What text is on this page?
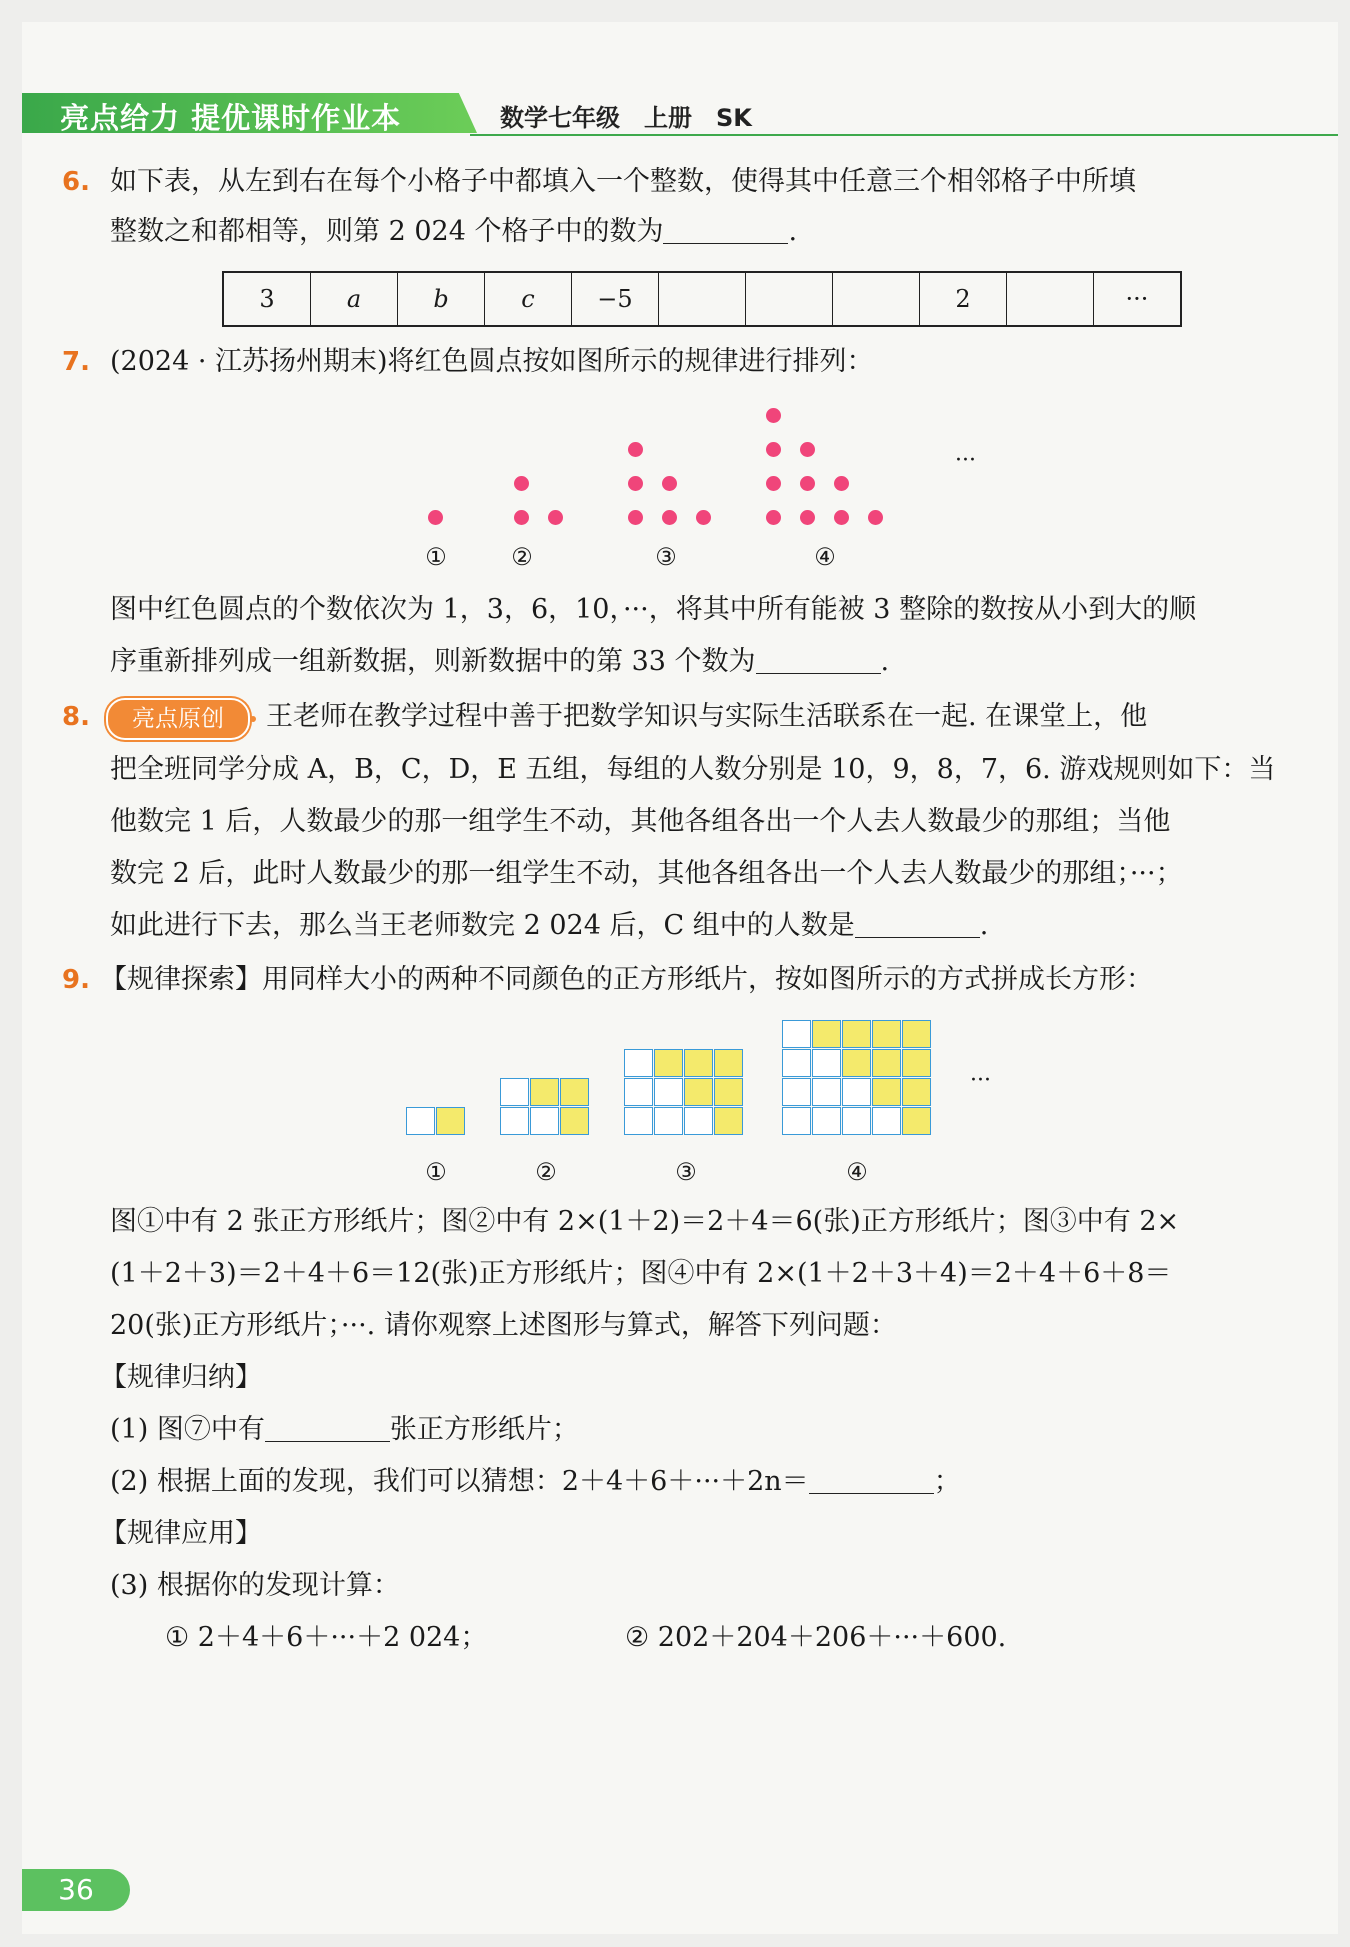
亮点给力 提优课时作业本	数学七年级　上册　SK
6. 如下表，从左到右在每个小格子中都填入一个整数，使得其中任意三个相邻格子中所填
整数之和都相等，则第 2 024 个格子中的数为	.
3	a	b	c	−5				2		···
7. (2024 · 江苏扬州期末)将红色圆点按如图所示的规律进行排列：
①	②	③	④
···
图中红色圆点的个数依次为 1，3，6，10，···，将其中所有能被 3 整除的数按从小到大的顺
序重新排列成一组新数据，则新数据中的第 33 个数为	.
8.	亮点原创	王老师在教学过程中善于把数学知识与实际生活联系在一起. 在课堂上，他
把全班同学分成 A，B，C，D，E 五组，每组的人数分别是 10，9，8，7，6. 游戏规则如下：当
他数完 1 后，人数最少的那一组学生不动，其他各组各出一个人去人数最少的那组；当他
数完 2 后，此时人数最少的那一组学生不动，其他各组各出一个人去人数最少的那组；···；
如此进行下去，那么当王老师数完 2 024 后，C 组中的人数是	.
9. 【规律探索】用同样大小的两种不同颜色的正方形纸片，按如图所示的方式拼成长方形：
①	②	③	④
···
图①中有 2 张正方形纸片；图②中有 2×(1＋2)＝2＋4＝6(张)正方形纸片；图③中有 2×
(1＋2＋3)＝2＋4＋6＝12(张)正方形纸片；图④中有 2×(1＋2＋3＋4)＝2＋4＋6＋8＝
20(张)正方形纸片；···. 请你观察上述图形与算式，解答下列问题：
【规律归纳】
(1) 图⑦中有	张正方形纸片；
(2) 根据上面的发现，我们可以猜想：2＋4＋6＋···＋2n＝	；
【规律应用】
(3) 根据你的发现计算：
① 2＋4＋6＋···＋2 024；	② 202＋204＋206＋···＋600.
36
